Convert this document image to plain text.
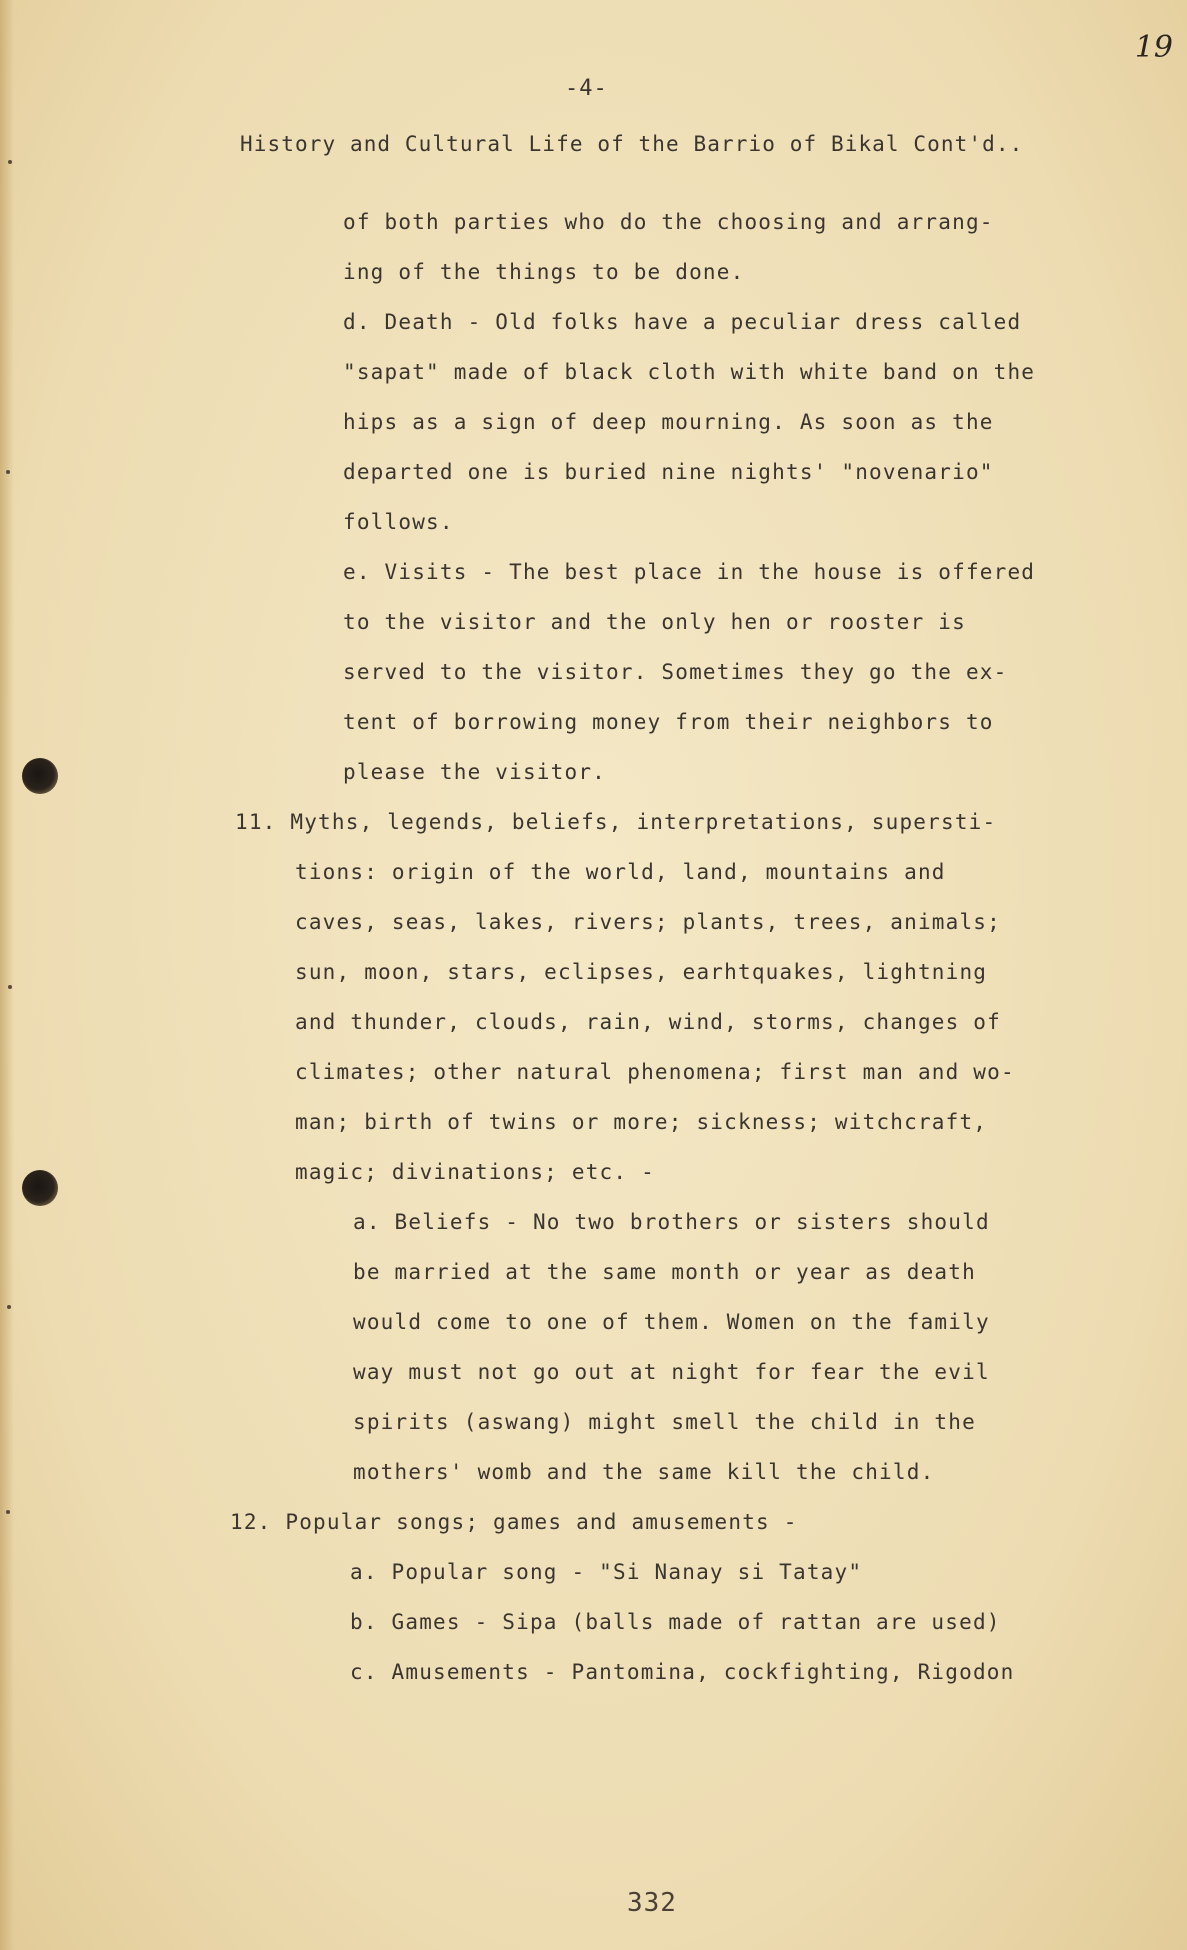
19
-4-
History and Cultural Life of the Barrio of Bikal Cont'd..
of both parties who do the choosing and arrang-
ing of the things to be done.
d. Death - Old folks have a peculiar dress called
"sapat" made of black cloth with white band on the
hips as a sign of deep mourning. As soon as the
departed one is buried nine nights' "novenario"
follows.
e. Visits - The best place in the house is offered
to the visitor and the only hen or rooster is
served to the visitor. Sometimes they go the ex-
tent of borrowing money from their neighbors to
please the visitor.
11. Myths, legends, beliefs, interpretations, supersti-
tions: origin of the world, land, mountains and
caves, seas, lakes, rivers; plants, trees, animals;
sun, moon, stars, eclipses, earhtquakes, lightning
and thunder, clouds, rain, wind, storms, changes of
climates; other natural phenomena; first man and wo-
man; birth of twins or more; sickness; witchcraft,
magic; divinations; etc. -
a. Beliefs - No two brothers or sisters should
be married at the same month or year as death
would come to one of them. Women on the family
way must not go out at night for fear the evil
spirits (aswang) might smell the child in the
mothers' womb and the same kill the child.
12. Popular songs; games and amusements -
a. Popular song - "Si Nanay si Tatay"
b. Games - Sipa (balls made of rattan are used)
c. Amusements - Pantomina, cockfighting, Rigodon
332
